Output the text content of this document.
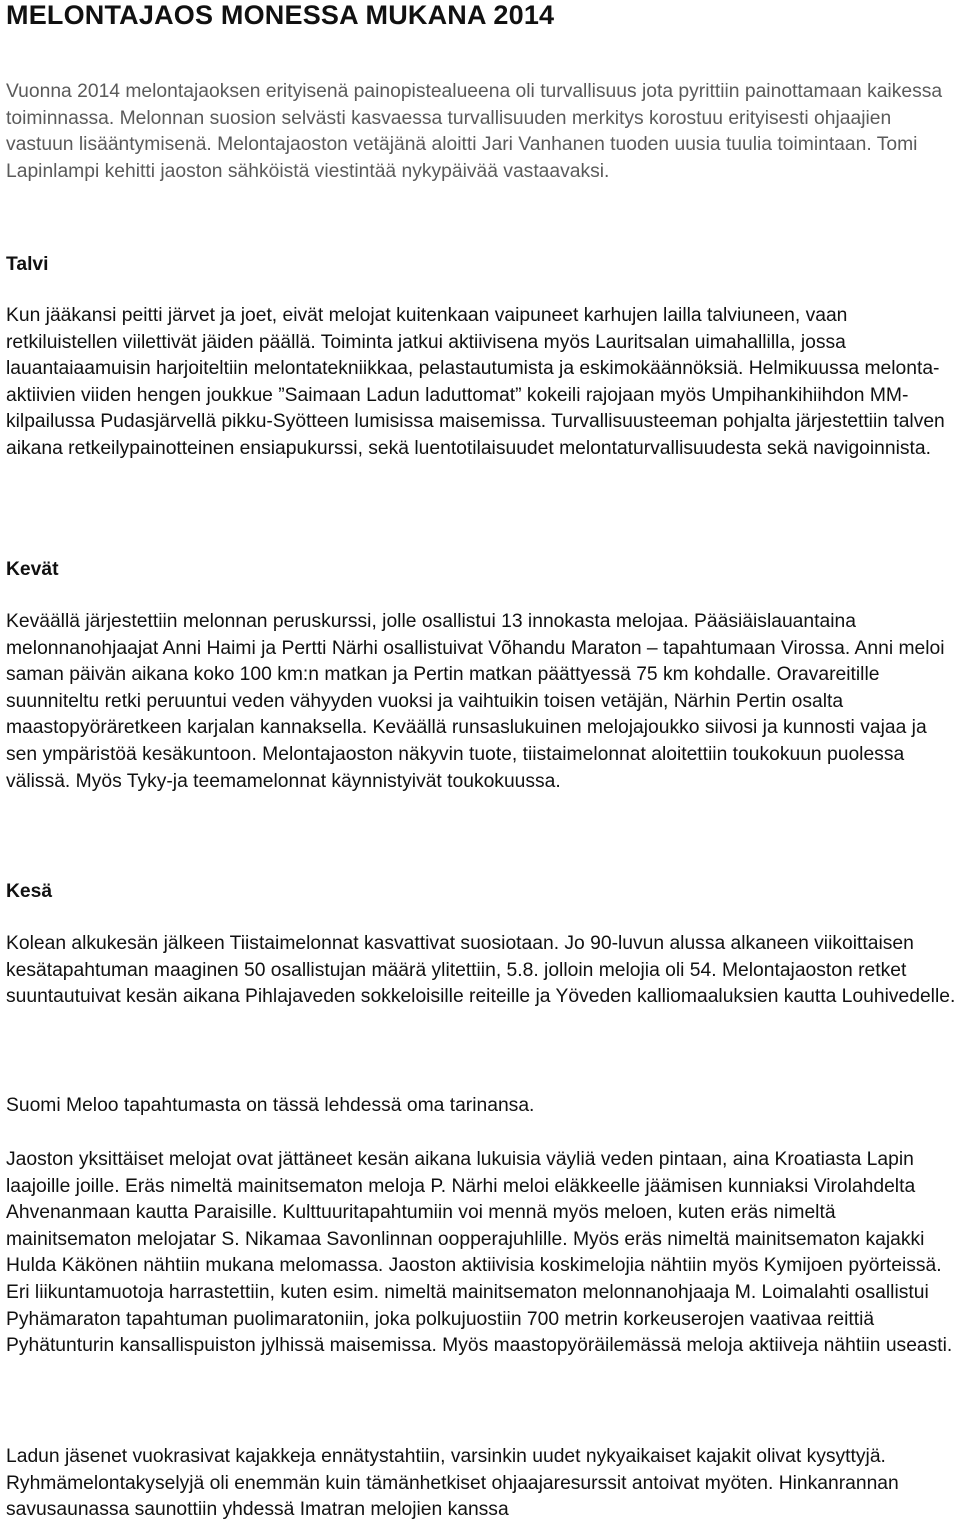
MELONTAJAOS MONESSA MUKANA 2014

Vuonna 2014 melontajaoksen erityisenä painopistealueena oli turvallisuus jota pyrittiin painottamaan kaikessa toiminnassa. Melonnan suosion selvästi kasvaessa turvallisuuden merkitys korostuu erityisesti ohjaajien vastuun lisääntymisenä. Melontajaoston vetäjänä aloitti Jari Vanhanen tuoden uusia tuulia toimintaan. Tomi Lapinlampi kehitti jaoston sähköistä viestintää nykypäivää vastaavaksi.

Talvi

Kun jääkansi peitti järvet ja joet, eivät melojat kuitenkaan vaipuneet karhujen lailla talviuneen, vaan retkiluistellen viilettivät jäiden päällä. Toiminta jatkui aktiivisena myös Lauritsalan uimahallilla, jossa lauantaiaamuisin harjoiteltiin melontatekniikkaa, pelastautumista ja eskimokäännöksiä. Helmikuussa melonta-aktiivien viiden hengen joukkue ”Saimaan Ladun laduttomat” kokeili rajojaan myös Umpihankihiihdon MM-kilpailussa Pudasjärvellä pikku-Syötteen lumisissa maisemissa. Turvallisuusteeman pohjalta järjestettiin talven aikana retkeilypainotteinen ensiapukurssi, sekä luentotilaisuudet melontaturvallisuudesta sekä navigoinnista.

Kevät

Keväällä järjestettiin melonnan peruskurssi, jolle osallistui 13 innokasta melojaa. Pääsiäislauantaina melonnanohjaajat Anni Haimi ja Pertti Närhi osallistuivat Võhandu Maraton – tapahtumaan Virossa. Anni meloi saman päivän aikana koko 100 km:n matkan ja Pertin matkan päättyessä 75 km kohdalle. Oravareitille suunniteltu retki peruuntui veden vähyyden vuoksi ja vaihtuikin toisen vetäjän, Närhin Pertin osalta maastopyöräretkeen karjalan kannaksella. Keväällä runsaslukuinen melojajoukko siivosi ja kunnosti vajaa ja sen ympäristöä kesäkuntoon. Melontajaoston näkyvin tuote, tiistaimelonnat aloitettiin toukokuun puolessa välissä. Myös Tyky-ja teemamelonnat käynnistyivät toukokuussa.

Kesä

Kolean alkukesän jälkeen Tiistaimelonnat kasvattivat suosiotaan. Jo 90-luvun alussa alkaneen viikoittaisen kesätapahtuman maaginen 50 osallistujan määrä ylitettiin, 5.8. jolloin melojia oli 54. Melontajaoston retket suuntautuivat kesän aikana Pihlajaveden sokkeloisille reiteille ja Yöveden kalliomaaluksien kautta Louhivedelle.

Suomi Meloo tapahtumasta on tässä lehdessä oma tarinansa.

Jaoston yksittäiset melojat ovat jättäneet kesän aikana lukuisia väyliä veden pintaan, aina Kroatiasta Lapin laajoille joille. Eräs nimeltä mainitsematon meloja P. Närhi meloi eläkkeelle jäämisen kunniaksi Virolahdelta Ahvenanmaan kautta Paraisille. Kulttuuritapahtumiin voi mennä myös meloen, kuten eräs nimeltä mainitsematon melojatar S. Nikamaa Savonlinnan oopperajuhlille. Myös eräs nimeltä mainitsematon kajakki Hulda Käkönen nähtiin mukana melomassa. Jaoston aktiivisia koskimelojia nähtiin myös Kymijoen pyörteissä. Eri liikuntamuotoja harrastettiin, kuten esim. nimeltä mainitsematon melonnanohjaaja M. Loimalahti osallistui Pyhämaraton tapahtuman puolimaratoniin, joka polkujuostiin 700 metrin korkeuserojen vaativaa reittiä Pyhätunturin kansallispuiston jylhissä maisemissa. Myös maastopyöräilemässä meloja aktiiveja nähtiin useasti.

Ladun jäsenet vuokrasivat kajakkeja ennätystahtiin, varsinkin uudet nykyaikaiset kajakit olivat kysyttyjä. Ryhmämelontakyselyjä oli enemmän kuin tämänhetkiset ohjaajaresurssit antoivat myöten. Hinkanrannan savusaunassa saunottiin yhdessä Imatran melojien kanssa
